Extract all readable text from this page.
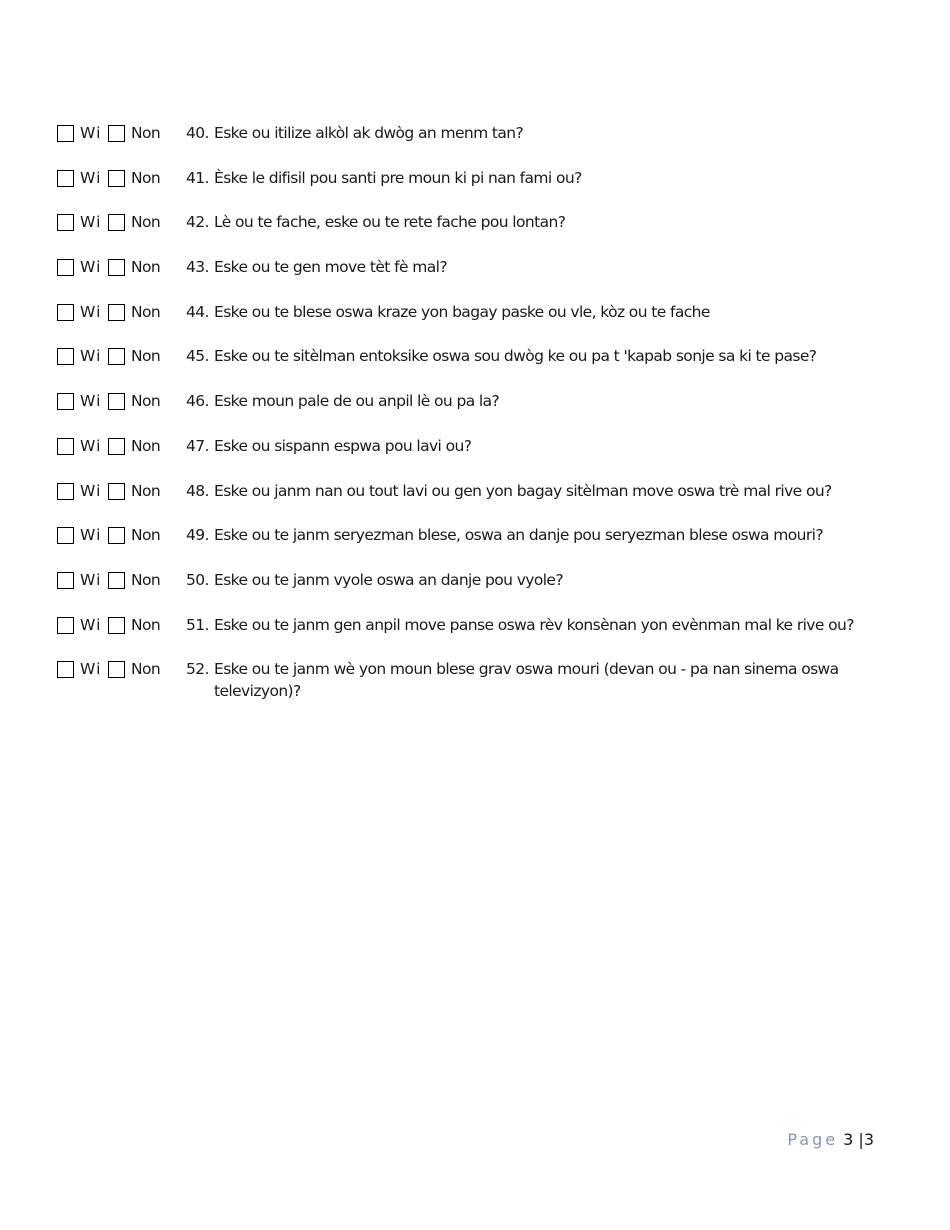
Wi	Non	40. Eske ou itilize alkòl ak dwòg an menm tan?
Wi	Non	41. Èske le difisil pou santi pre moun ki pi nan fami ou?
Wi	Non	42. Lè ou te fache, eske ou te rete fache pou lontan?
Wi	Non	43. Eske ou te gen move tèt fè mal?
Wi	Non	44. Eske ou te blese oswa kraze yon bagay paske ou vle, kòz ou te fache
Wi	Non	45. Eske ou te sitèlman entoksike oswa sou dwòg ke ou pa t 'kapab sonje sa ki te pase?
Wi	Non	46. Eske moun pale de ou anpil lè ou pa la?
Wi	Non	47. Eske ou sispann espwa pou lavi ou?
Wi	Non	48. Eske ou janm nan ou tout lavi ou gen yon bagay sitèlman move oswa trè mal rive ou?
Wi	Non	49. Eske ou te janm seryezman blese, oswa an danje pou seryezman blese oswa mouri?
Wi	Non	50. Eske ou te janm vyole oswa an danje pou vyole?
Wi	Non	51. Eske ou te janm gen anpil move panse oswa rèv konsènan yon evènman mal ke rive ou?
Wi	Non	52. Eske ou te janm wè yon moun blese grav oswa mouri (devan ou - pa nan sinema oswa televizyon)?
Page 3 |3
